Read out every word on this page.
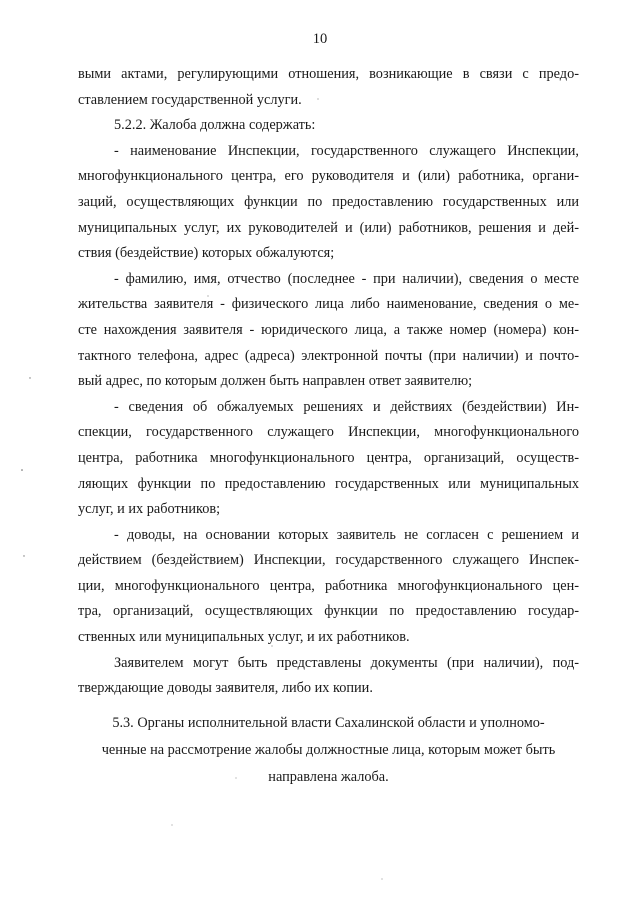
10
выми актами, регулирующими отношения, возникающие в связи с предо-
ставлением государственной услуги.
5.2.2. Жалоба должна содержать:
- наименование Инспекции, государственного служащего Инспекции,
многофункционального центра, его руководителя и (или) работника, органи-
заций, осуществляющих функции по предоставлению государственных или
муниципальных услуг, их руководителей и (или) работников, решения и дей-
ствия (бездействие) которых обжалуются;
- фамилию, имя, отчество (последнее - при наличии), сведения о месте
жительства заявителя - физического лица либо наименование, сведения о ме-
сте нахождения заявителя - юридического лица, а также номер (номера) кон-
тактного телефона, адрес (адреса) электронной почты (при наличии) и почто-
вый адрес, по которым должен быть направлен ответ заявителю;
- сведения об обжалуемых решениях и действиях (бездействии) Ин-
спекции, государственного служащего Инспекции, многофункционального
центра, работника многофункционального центра, организаций, осуществ-
ляющих функции по предоставлению государственных или муниципальных
услуг, и их работников;
- доводы, на основании которых заявитель не согласен с решением и
действием (бездействием) Инспекции, государственного служащего Инспек-
ции, многофункционального центра, работника многофункционального цен-
тра, организаций, осуществляющих функции по предоставлению государ-
ственных или муниципальных услуг, и их работников.
Заявителем могут быть представлены документы (при наличии), под-
тверждающие доводы заявителя, либо их копии.
5.3. Органы исполнительной власти Сахалинской области и уполномо-
ченные на рассмотрение жалобы должностные лица, которым может быть
направлена жалоба.
